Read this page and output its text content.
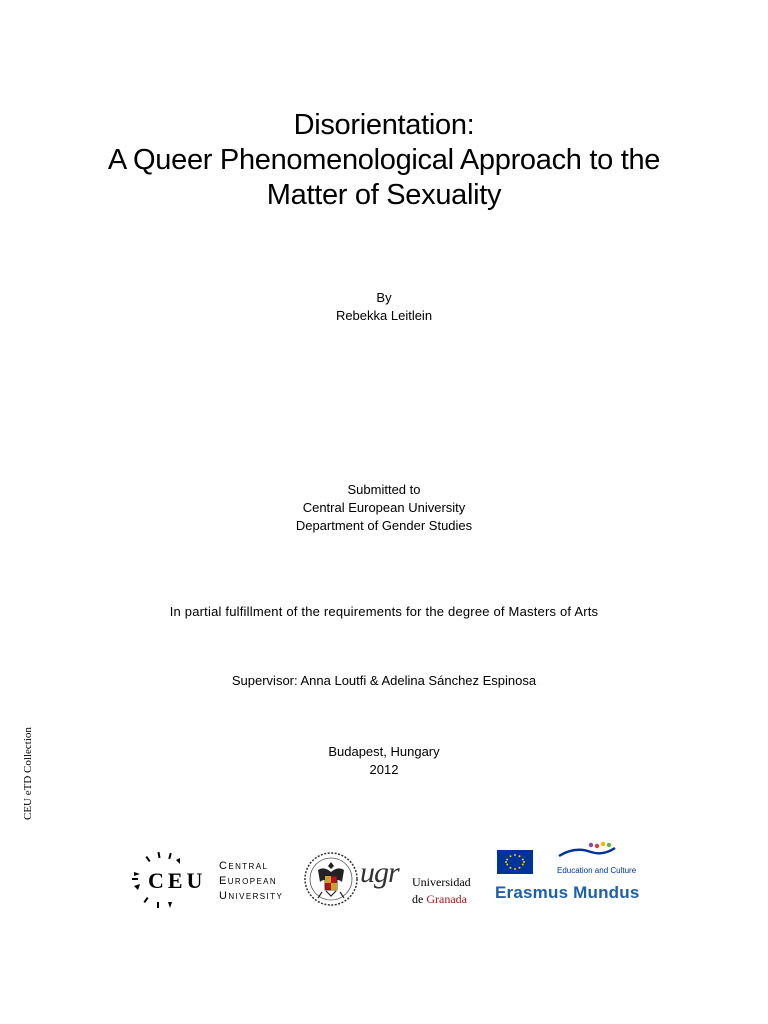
Disorientation:
A Queer Phenomenological Approach to the
Matter of Sexuality
By
Rebekka Leitlein
Submitted to
Central European University
Department of Gender Studies
In partial fulfillment of the requirements for the degree of Masters of Arts
Supervisor: Anna Loutfi & Adelina Sánchez Espinosa
Budapest, Hungary
2012
CEU eTD Collection
CEU
Central
European
University
ugr Universidad
de Granada
Education and Culture
Erasmus Mundus
